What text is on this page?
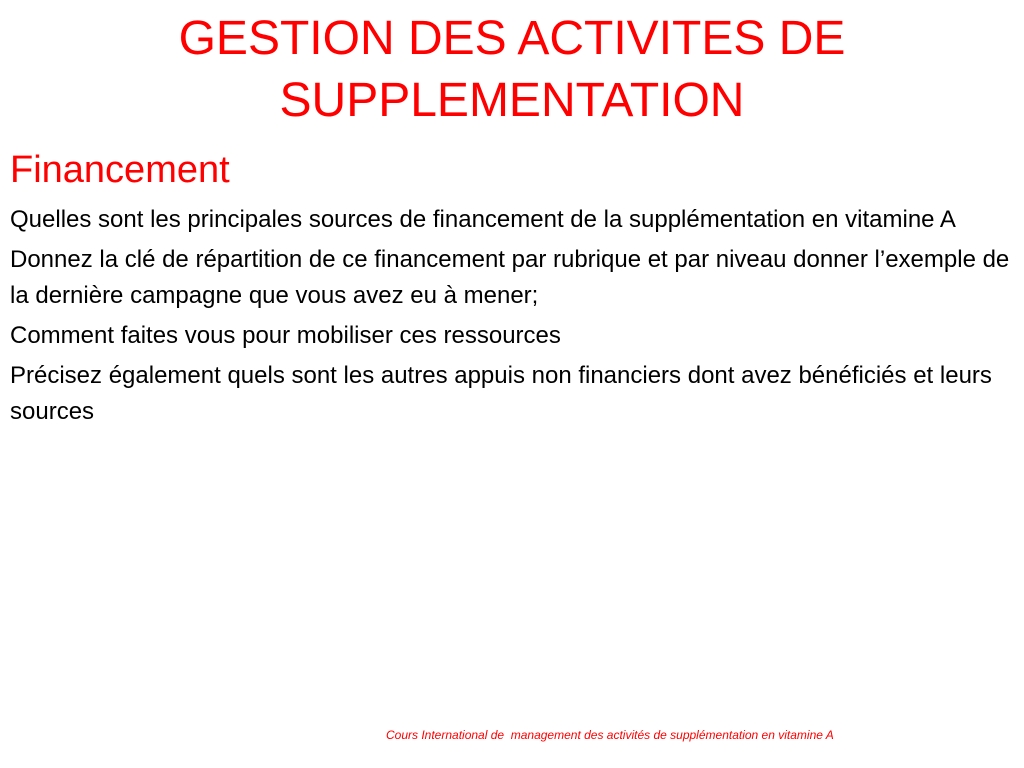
GESTION DES ACTIVITES DE
SUPPLEMENTATION
Financement
Quelles sont les principales sources de financement de la supplémentation en vitamine A
Donnez la clé de répartition de ce financement par rubrique et par niveau donner l’exemple de la dernière campagne que vous avez eu à mener;
Comment faites vous pour mobiliser ces ressources
Précisez également quels sont les autres appuis non financiers dont avez bénéficiés et leurs sources
Cours International de  management des activités de supplémentation en vitamine A
